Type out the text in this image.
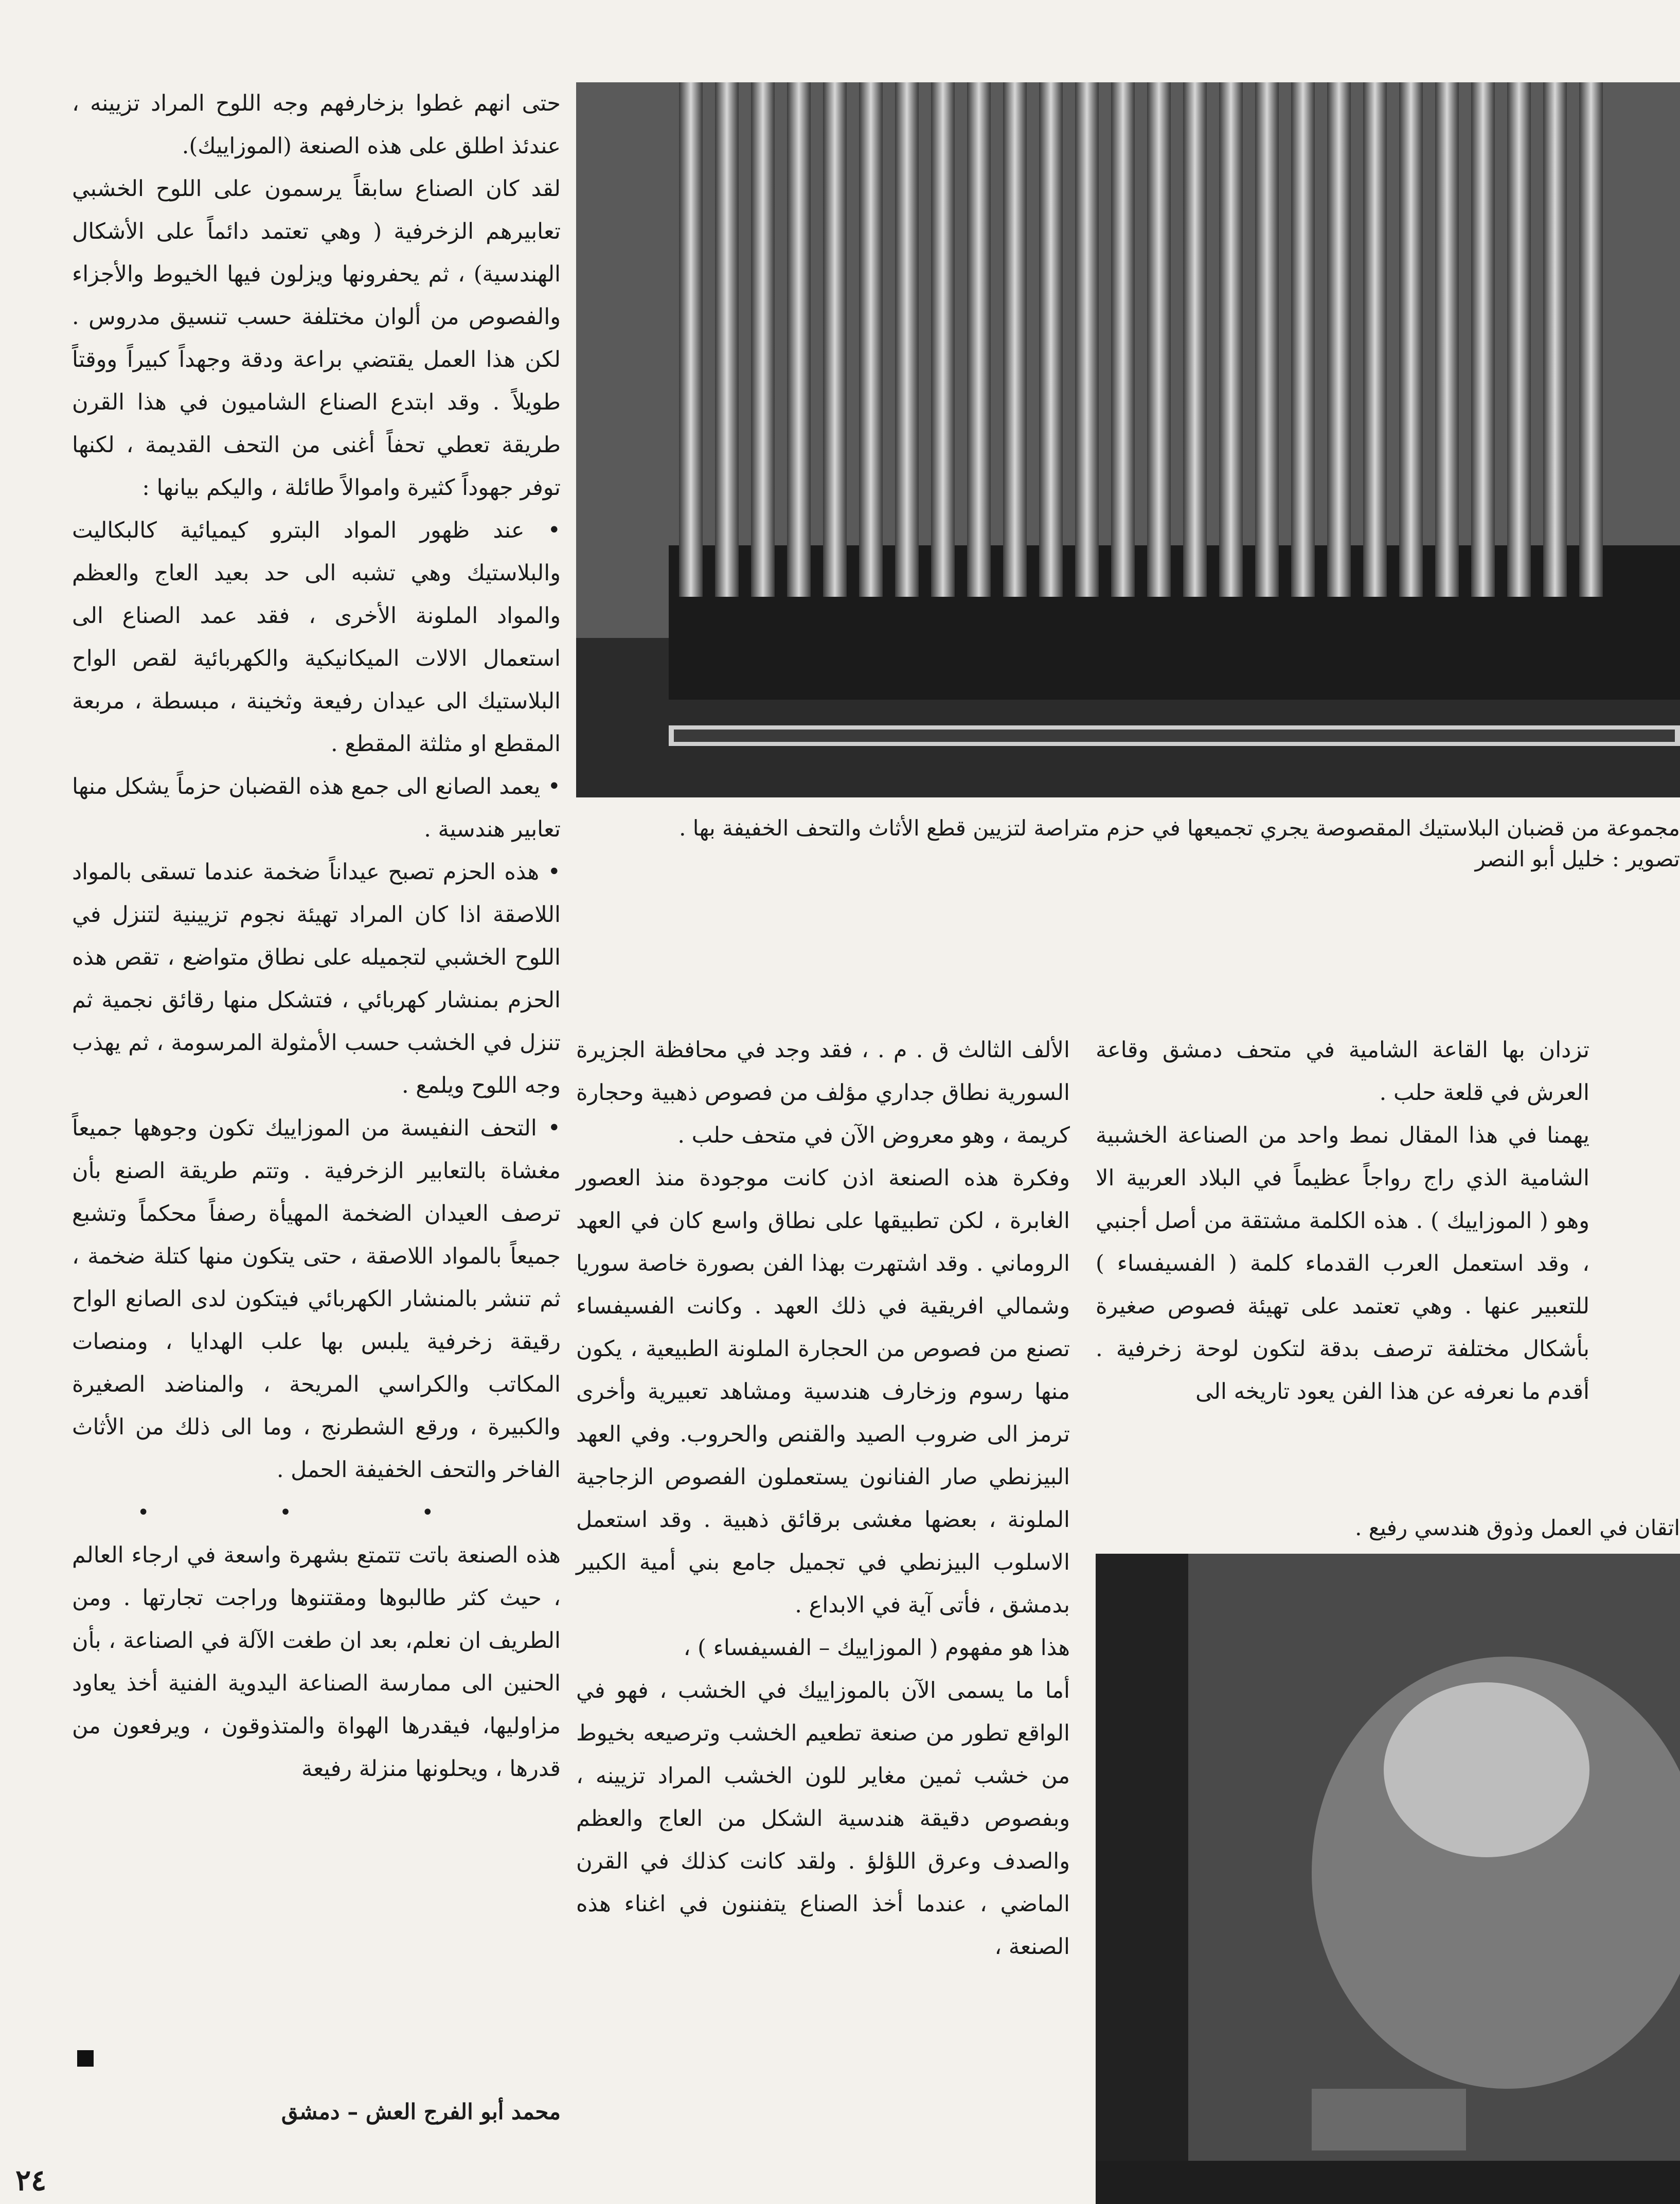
مجموعة من قضبان البلاستيك المقصوصة يجري تجميعها في حزم متراصة لتزيين قطع الأثاث والتحف الخفيفة بها .
تصوير : خليل أبو النصر

حتى انهم غطوا بزخارفهم وجه اللوح المراد تزيينه ، عندئذ اطلق على هذه الصنعة (الموزاييك).

لقد كان الصناع سابقاً يرسمون على اللوح الخشبي تعابيرهم الزخرفية ( وهي تعتمد دائماً على الأشكال الهندسية) ، ثم يحفرونها ويزلون فيها الخيوط والأجزاء والفصوص من ألوان مختلفة حسب تنسيق مدروس . لكن هذا العمل يقتضي براعة ودقة وجهداً كبيراً ووقتاً طويلاً . وقد ابتدع الصناع الشاميون في هذا القرن طريقة تعطي تحفاً أغنى من التحف القديمة ، لكنها توفر جهوداً كثيرة واموالاً طائلة ، واليكم بيانها :

• عند ظهور المواد البترو كيميائية كالبكاليت والبلاستيك وهي تشبه الى حد بعيد العاج والعظم والمواد الملونة الأخرى ، فقد عمد الصناع الى استعمال الالات الميكانيكية والكهربائية لقص الواح البلاستيك الى عيدان رفيعة وثخينة ، مبسطة ، مربعة المقطع او مثلثة المقطع .

• يعمد الصانع الى جمع هذه القضبان حزماً يشكل منها تعابير هندسية .

• هذه الحزم تصبح عيداناً ضخمة عندما تسقى بالمواد اللاصقة اذا كان المراد تهيئة نجوم تزيينية لتنزل في اللوح الخشبي لتجميله على نطاق متواضع ، تقص هذه الحزم بمنشار كهربائي ، فتشكل منها رقائق نجمية ثم تنزل في الخشب حسب الأمثولة المرسومة ، ثم يهذب وجه اللوح ويلمع .

• التحف النفيسة من الموزاييك تكون وجوهها جميعاً مغشاة بالتعابير الزخرفية . وتتم طريقة الصنع بأن ترصف العيدان الضخمة المهيأة رصفاً محكماً وتشبع جميعاً بالمواد اللاصقة ، حتى يتكون منها كتلة ضخمة ، ثم تنشر بالمنشار الكهربائي فيتكون لدى الصانع الواح رقيقة زخرفية يلبس بها علب الهدايا ، ومنصات المكاتب والكراسي المريحة ، والمناضد الصغيرة والكبيرة ، ورقع الشطرنج ، وما الى ذلك من الأثاث الفاخر والتحف الخفيفة الحمل .

• • •

هذه الصنعة باتت تتمتع بشهرة واسعة في ارجاء العالم ، حيث كثر طالبوها ومقتنوها وراجت تجارتها . ومن الطريف ان نعلم، بعد ان طغت الآلة في الصناعة ، بأن الحنين الى ممارسة الصناعة اليدوية الفنية أخذ يعاود مزاوليها، فيقدرها الهواة والمتذوقون ، ويرفعون من قدرها ، ويحلونها منزلة رفيعة

محمد أبو الفرج العش – دمشق

الألف الثالث ق . م . ، فقد وجد في محافظة الجزيرة السورية نطاق جداري مؤلف من فصوص ذهبية وحجارة كريمة ، وهو معروض الآن في متحف حلب .

وفكرة هذه الصنعة اذن كانت موجودة منذ العصور الغابرة ، لكن تطبيقها على نطاق واسع كان في العهد الروماني . وقد اشتهرت بهذا الفن بصورة خاصة سوريا وشمالي افريقية في ذلك العهد . وكانت الفسيفساء تصنع من فصوص من الحجارة الملونة الطبيعية ، يكون منها رسوم وزخارف هندسية ومشاهد تعبيرية وأخرى ترمز الى ضروب الصيد والقنص والحروب. وفي العهد البيزنطي صار الفنانون يستعملون الفصوص الزجاجية الملونة ، بعضها مغشى برقائق ذهبية . وقد استعمل الاسلوب البيزنطي في تجميل جامع بني أمية الكبير بدمشق ، فأتى آية في الابداع .

هذا هو مفهوم ( الموزاييك – الفسيفساء ) ،

أما ما يسمى الآن بالموزاييك في الخشب ، فهو في الواقع تطور من صنعة تطعيم الخشب وترصيعه بخيوط من خشب ثمين مغاير للون الخشب المراد تزيينه ، وبفصوص دقيقة هندسية الشكل من العاج والعظم والصدف وعرق اللؤلؤ . ولقد كانت كذلك في القرن الماضي ، عندما أخذ الصناع يتفننون في اغناء هذه الصنعة ،

تزدان بها القاعة الشامية في متحف دمشق وقاعة العرش في قلعة حلب .

يهمنا في هذا المقال نمط واحد من الصناعة الخشبية الشامية الذي راج رواجاً عظيماً في البلاد العربية الا وهو ( الموزاييك ) . هذه الكلمة مشتقة من أصل أجنبي ، وقد استعمل العرب القدماء كلمة ( الفسيفساء ) للتعبير عنها . وهي تعتمد على تهيئة فصوص صغيرة بأشكال مختلفة ترصف بدقة لتكون لوحة زخرفية . أقدم ما نعرفه عن هذا الفن يعود تاريخه الى

اتقان في العمل وذوق هندسي رفيع .
٢٤
